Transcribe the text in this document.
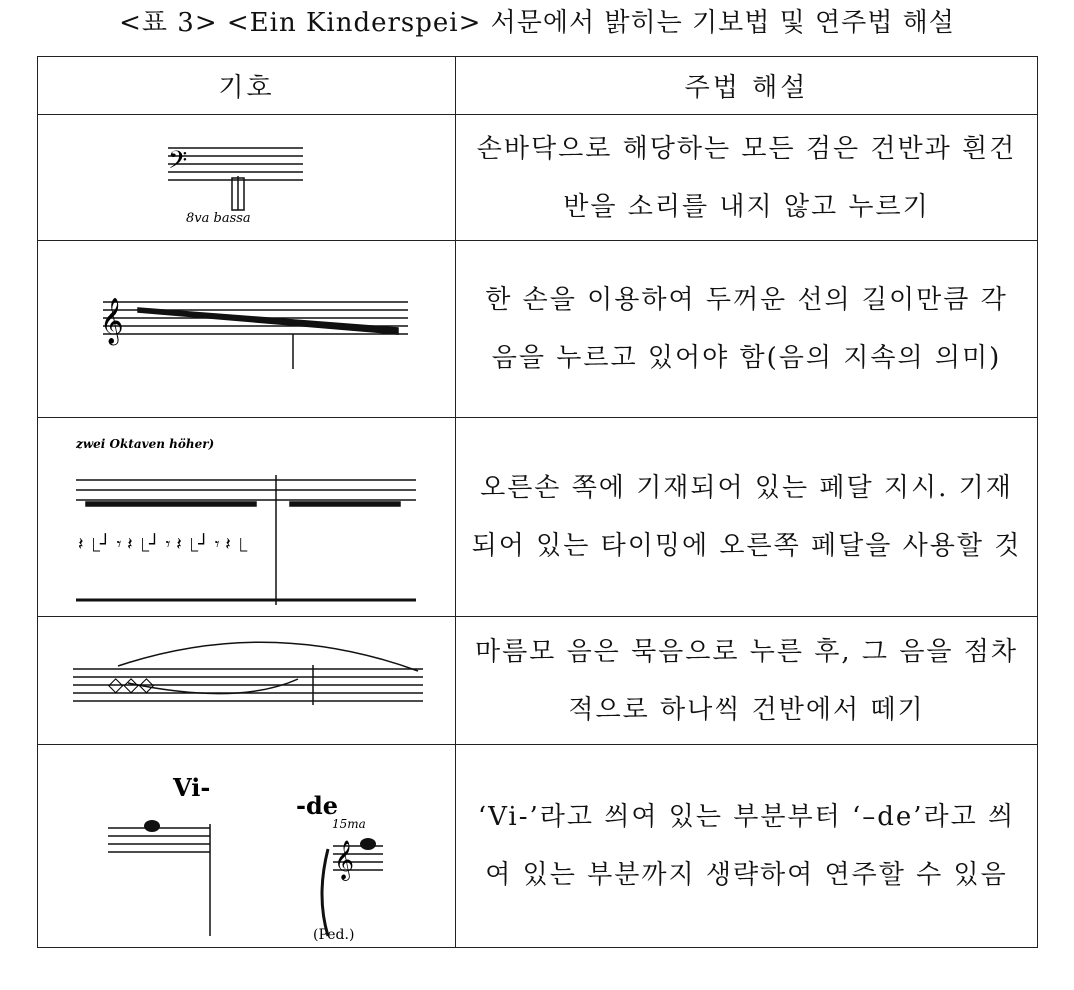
<표 3> <Ein Kinderspei> 서문에서 밝히는 기보법 및 연주법 해설
기호	주법 해설

𝄢
8va bassa	손바닥으로 해당하는 모든 검은 건반과 흰건반을 소리를 내지 않고 누르기

𝄞	한 손을 이용하여 두꺼운 선의 길이만큼 각 음을 누르고 있어야 함(음의 지속의 의미)

zwei Oktaven höher)
𝄽 ⎿┘ 𝄾 𝄽 ⎿┘ 𝄾 𝄽 ⎿┘ 𝄾 𝄽 ⎿	오른손 쪽에 기재되어 있는 페달 지시. 기재되어 있는 타이밍에 오른쪽 페달을 사용할 것

◇◇◇	마름모 음은 묵음으로 누른 후, 그 음을 점차적으로 하나씩 건반에서 떼기

Vi-
-de
15ma
(Ped.)
𝄞	‘Vi-’라고 씌여 있는 부분부터 ‘–de’라고 씌여 있는 부분까지 생략하여 연주할 수 있음
